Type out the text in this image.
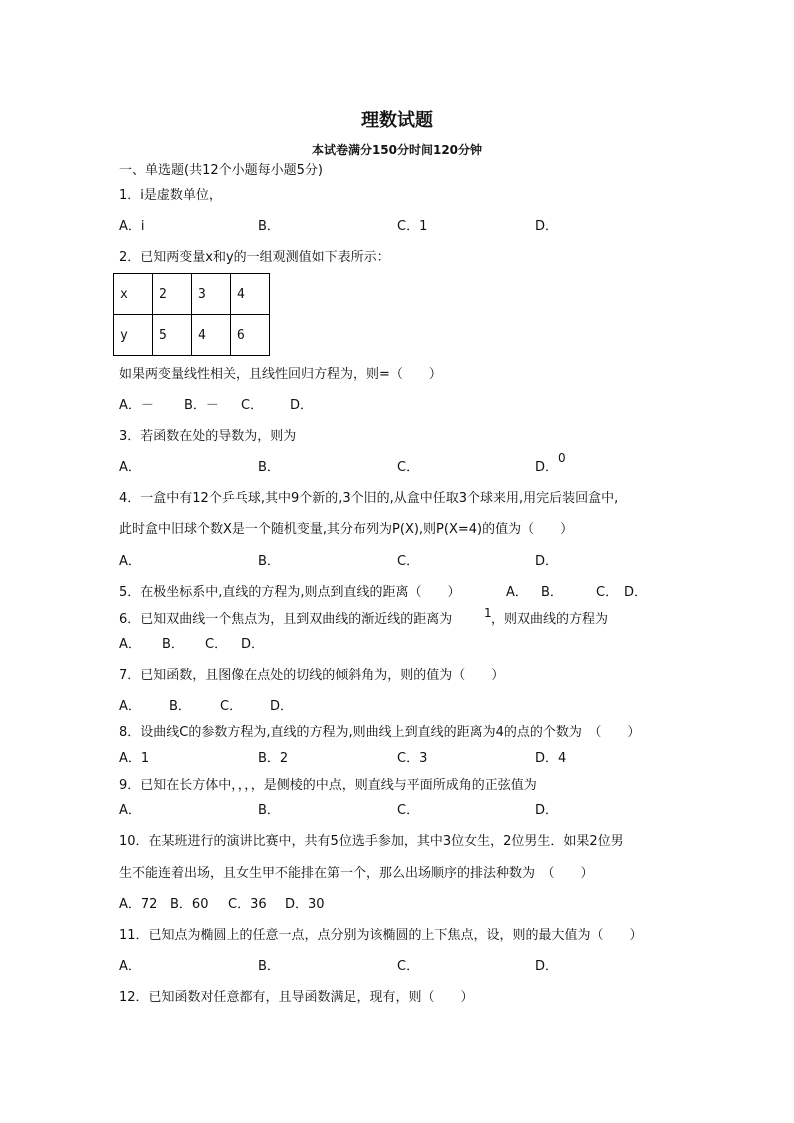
理数试题
本试卷满分150分时间120分钟
一、单选题(共12个小题每小题5分)
1．i是虚数单位，
A．i	B．	C．1	D．
2．已知两变量x和y的一组观测值如下表所示：
x	2	3	4
y	5	4	6
如果两变量线性相关，且线性回归方程为，则=（　　）
A．－ B．－ C． D．
3．若函数在处的导数为，则为
A．	B．	C．	D．
0
4．一盒中有12个乒乓球,其中9个新的,3个旧的,从盒中任取3个球来用,用完后装回盒中,
此时盒中旧球个数X是一个随机变量,其分布列为P(X),则P(X=4)的值为（　　）
A．	B．	C．	D．
5．在极坐标系中,直线的方程为,则点到直线的距离（　　）	A． B．	C． D．
6．已知双曲线一个焦点为，且到双曲线的渐近线的距离为	1 ，则双曲线的方程为
A． B． C． D．
7．已知函数，且图像在点处的切线的倾斜角为，则的值为（　　）
A． B． C． D．
8．设曲线C的参数方程为,直线的方程为,则曲线上到直线的距离为4的点的个数为　（　　）
A．1	B．2	C．3	D．4
9．已知在长方体中，，，，是侧棱的中点，则直线与平面所成角的正弦值为
A．	B．	C．	D．
10．在某班进行的演讲比赛中，共有5位选手参加，其中3位女生，2位男生．如果2位男
生不能连着出场，且女生甲不能排在第一个，那么出场顺序的排法种数为　（　　）
A．72 B．60 C．36 D．30
11．已知点为椭圆上的任意一点，点分别为该椭圆的上下焦点，设，则的最大值为（　　）
A．	B．	C．	D．
12．已知函数对任意都有，且导函数满足，现有，则（　　）
